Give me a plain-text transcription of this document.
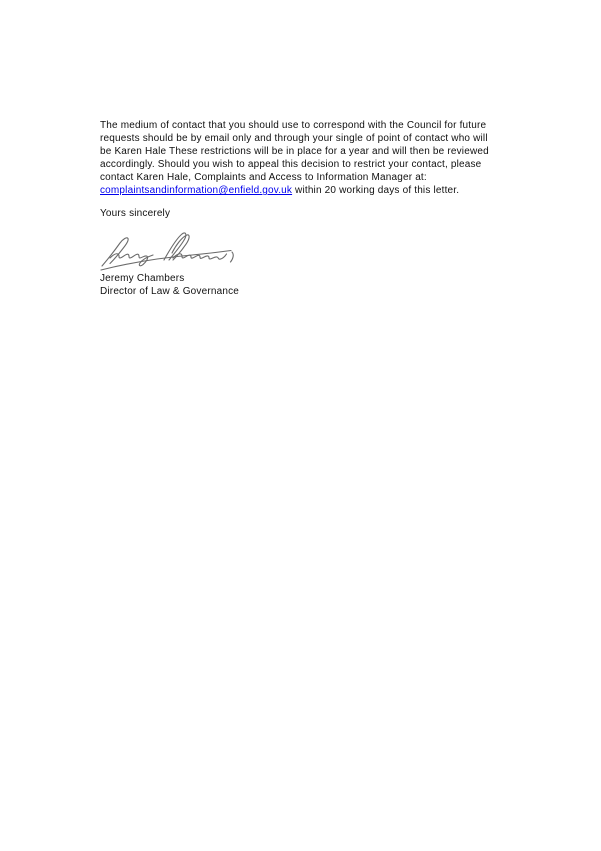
The medium of contact that you should use to correspond with the Council for future
requests should be by email only and through your single of point of contact who will
be Karen Hale These restrictions will be in place for a year and will then be reviewed
accordingly. Should you wish to appeal this decision to restrict your contact, please
contact Karen Hale, Complaints and Access to Information Manager at:
complaintsandinformation@enfield.gov.uk within 20 working days of this letter.
Yours sincerely
Jeremy Chambers
Director of Law & Governance
